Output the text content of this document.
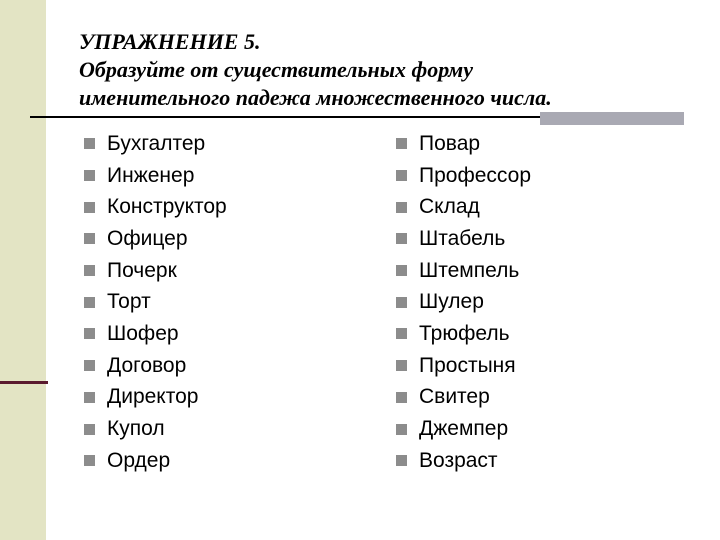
УПРАЖНЕНИЕ 5.
Образуйте от существительных форму
именительного падежа множественного числа.
Бухгалтер
Инженер
Конструктор
Офицер
Почерк
Торт
Шофер
Договор
Директор
Купол
Ордер
Повар
Профессор
Склад
Штабель
Штемпель
Шулер
Трюфель
Простыня
Свитер
Джемпер
Возраст
